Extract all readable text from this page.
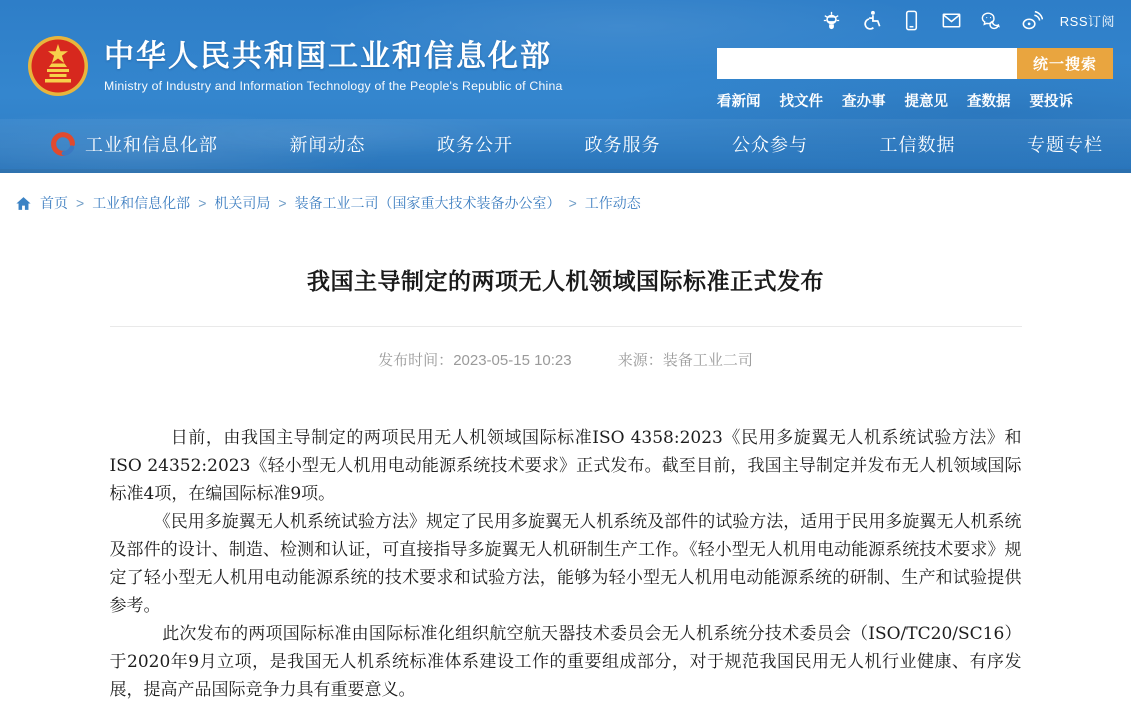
RSS订阅
中华人民共和国工业和信息化部
Ministry of Industry and Information Technology of the People's Republic of China
统一搜索
看新闻 找文件 查办事 提意见 查数据 要投诉
工业和信息化部	新闻动态	政务公开	政务服务	公众参与	工信数据	专题专栏
首页 > 工业和信息化部 > 机关司局 > 装备工业二司（国家重大技术装备办公室） > 工作动态
我国主导制定的两项无人机领域国际标准正式发布
发布时间：2023-05-15 10:23	来源：装备工业二司

日前，由我国主导制定的两项民用无人机领域国际标准ISO 4358:2023《民用多旋翼无人机系统试验方法》和ISO 24352:2023《轻小型无人机用电动能源系统技术要求》正式发布。截至目前，我国主导制定并发布无人机领域国际标准4项，在编国际标准9项。

《民用多旋翼无人机系统试验方法》规定了民用多旋翼无人机系统及部件的试验方法，适用于民用多旋翼无人机系统及部件的设计、制造、检测和认证，可直接指导多旋翼无人机研制生产工作。《轻小型无人机用电动能源系统技术要求》规定了轻小型无人机用电动能源系统的技术要求和试验方法，能够为轻小型无人机用电动能源系统的研制、生产和试验提供参考。

此次发布的两项国际标准由国际标准化组织航空航天器技术委员会无人机系统分技术委员会（ISO/TC20/SC16）于2020年9月立项，是我国无人机系统标准体系建设工作的重要组成部分，对于规范我国民用无人机行业健康、有序发展，提高产品国际竞争力具有重要意义。
